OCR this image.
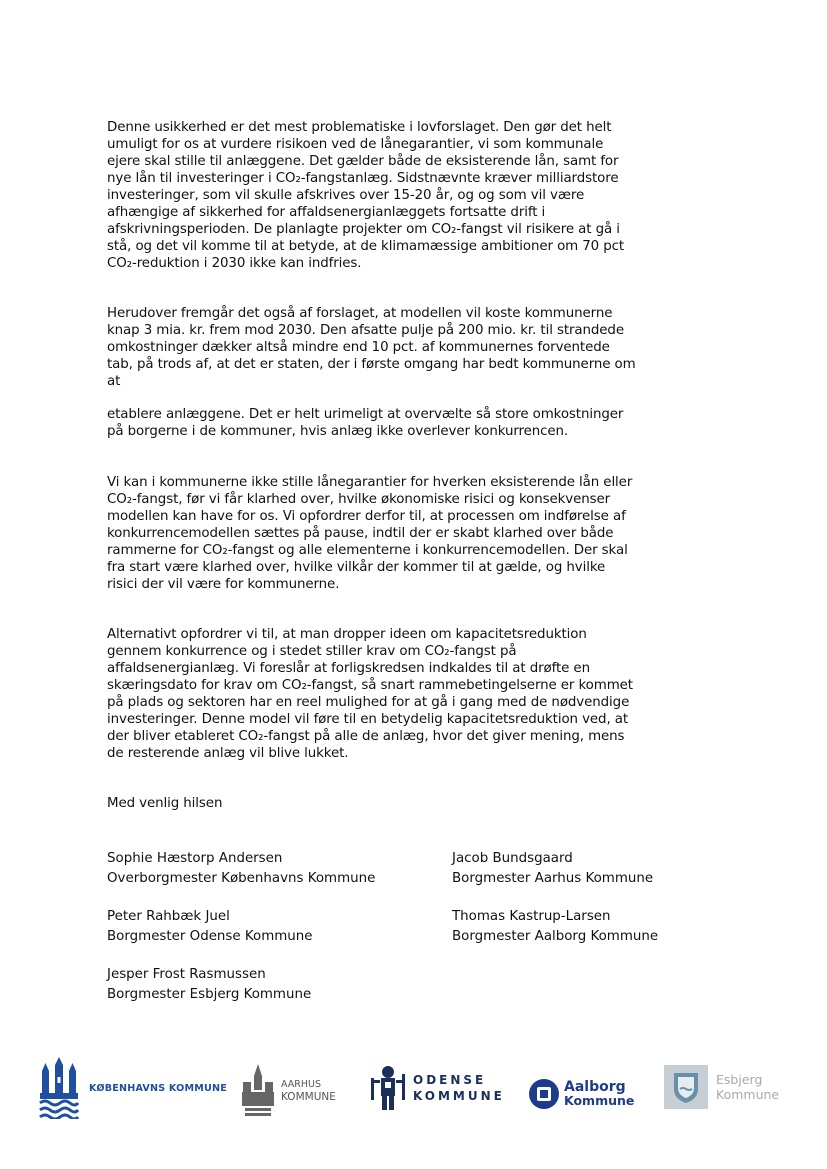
Denne usikkerhed er det mest problematiske i lovforslaget. Den gør det helt umuligt for os at vurdere risikoen ved de lånegarantier, vi som kommunale ejere skal stille til anlæggene. Det gælder både de eksisterende lån, samt for nye lån til investeringer i CO₂-fangstanlæg. Sidstnævnte kræver milliardstore investeringer, som vil skulle afskrives over 15-20 år, og og som vil være afhængige af sikkerhed for affaldsenergianlæggets fortsatte drift i afskrivningsperioden. De planlagte projekter om CO₂-fangst vil risikere at gå i stå, og det vil komme til at betyde, at de klimamæssige ambitioner om 70 pct CO₂-reduktion i 2030 ikke kan indfries.

Herudover fremgår det også af forslaget, at modellen vil koste kommunerne knap 3 mia. kr. frem mod 2030. Den afsatte pulje på 200 mio. kr. til strandede omkostninger dækker altså mindre end 10 pct. af kommunernes forventede tab, på trods af, at det er staten, der i første omgang har bedt kommunerne om at

etablere anlæggene. Det er helt urimeligt at overvælte så store omkostninger på borgerne i de kommuner, hvis anlæg ikke overlever konkurrencen.

Vi kan i kommunerne ikke stille lånegarantier for hverken eksisterende lån eller CO₂-fangst, før vi får klarhed over, hvilke økonomiske risici og konsekvenser modellen kan have for os. Vi opfordrer derfor til, at processen om indførelse af konkurrencemodellen sættes på pause, indtil der er skabt klarhed over både rammerne for CO₂-fangst og alle elementerne i konkurrencemodellen. Der skal fra start være klarhed over, hvilke vilkår der kommer til at gælde, og hvilke risici der vil være for kommunerne.

Alternativt opfordrer vi til, at man dropper ideen om kapacitetsreduktion gennem konkurrence og i stedet stiller krav om CO₂-fangst på affaldsenergianlæg. Vi foreslår at forligskredsen indkaldes til at drøfte en skæringsdato for krav om CO₂-fangst, så snart rammebetingelserne er kommet på plads og sektoren har en reel mulighed for at gå i gang med de nødvendige investeringer. Denne model vil føre til en betydelig kapacitetsreduktion ved, at der bliver etableret CO₂-fangst på alle de anlæg, hvor det giver mening, mens de resterende anlæg vil blive lukket.

Med venlig hilsen

Sophie Hæstorp Andersen
Overborgmester Københavns Kommune
Jacob Bundsgaard
Borgmester Aarhus Kommune
Peter Rahbæk Juel
Borgmester Odense Kommune
Thomas Kastrup-Larsen
Borgmester Aalborg Kommune
Jesper Frost Rasmussen
Borgmester Esbjerg Kommune
KØBENHAVNS KOMMUNE	AARHUS
KOMMUNE
ODENSE
KOMMUNE
Aalborg
Kommune
Esbjerg
Kommune
